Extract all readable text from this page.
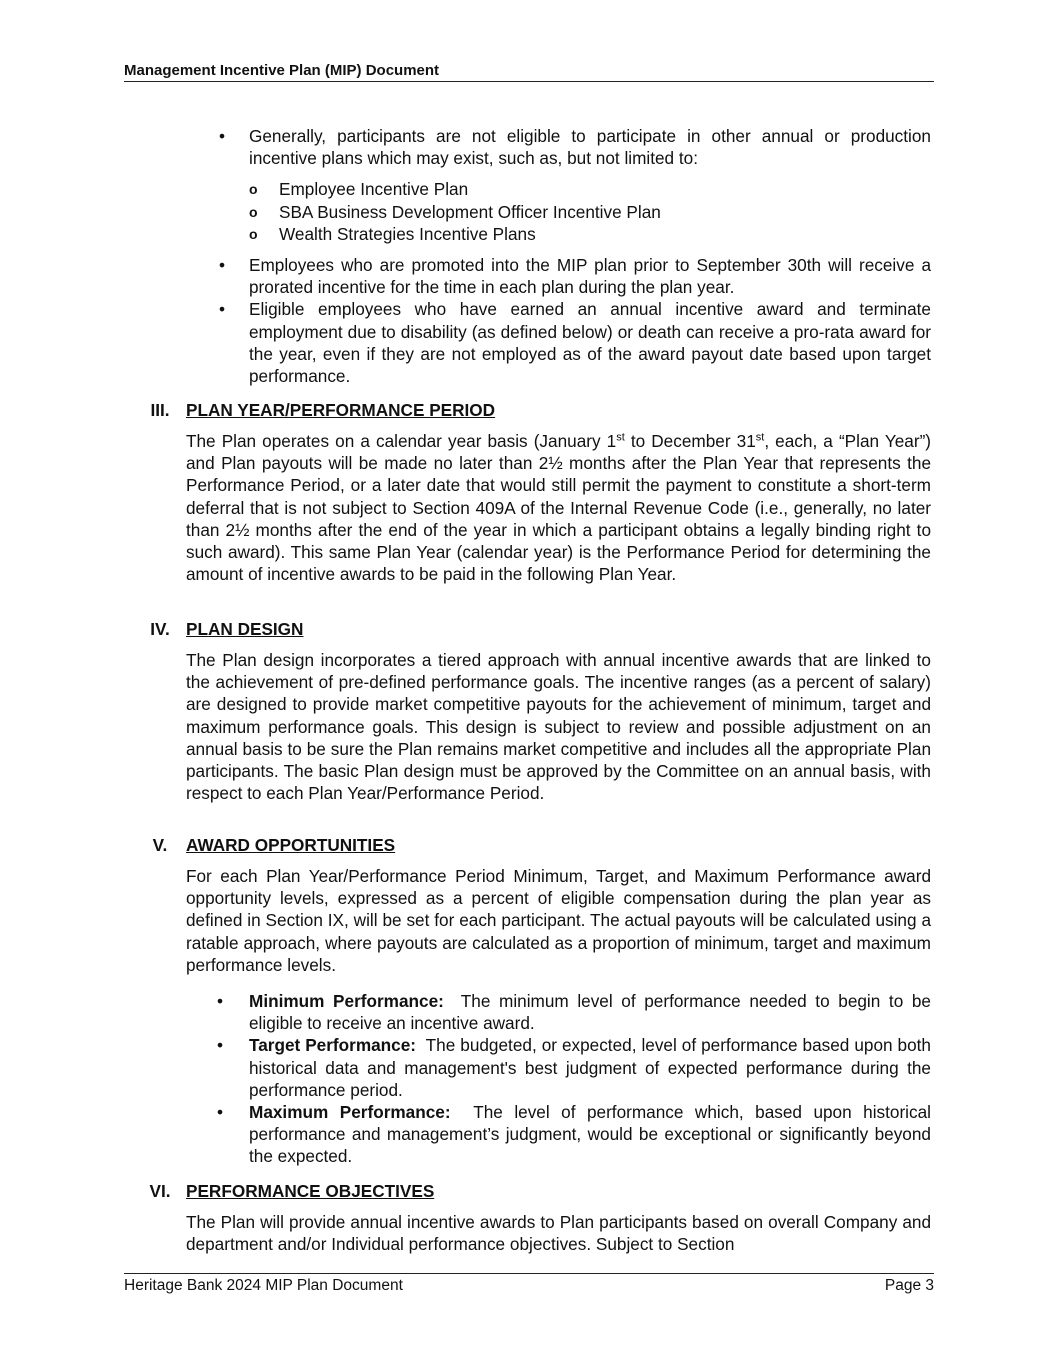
Management Incentive Plan (MIP) Document
• Generally, participants are not eligible to participate in other annual or production incentive plans which may exist, such as, but not limited to:
o Employee Incentive Plan
o SBA Business Development Officer Incentive Plan
o Wealth Strategies Incentive Plans
• Employees who are promoted into the MIP plan prior to September 30th will receive a prorated incentive for the time in each plan during the plan year.
• Eligible employees who have earned an annual incentive award and terminate employment due to disability (as defined below) or death can receive a pro-rata award for the year, even if they are not employed as of the award payout date based upon target performance.
III. PLAN YEAR/PERFORMANCE PERIOD

The Plan operates on a calendar year basis (January 1st to December 31st, each, a “Plan Year”) and Plan payouts will be made no later than 2½ months after the Plan Year that represents the Performance Period, or a later date that would still permit the payment to constitute a short-term deferral that is not subject to Section 409A of the Internal Revenue Code (i.e., generally, no later than 2½ months after the end of the year in which a participant obtains a legally binding right to such award). This same Plan Year (calendar year) is the Performance Period for determining the amount of incentive awards to be paid in the following Plan Year.

IV. PLAN DESIGN

The Plan design incorporates a tiered approach with annual incentive awards that are linked to the achievement of pre-defined performance goals. The incentive ranges (as a percent of salary) are designed to provide market competitive payouts for the achievement of minimum, target and maximum performance goals. This design is subject to review and possible adjustment on an annual basis to be sure the Plan remains market competitive and includes all the appropriate Plan participants. The basic Plan design must be approved by the Committee on an annual basis, with respect to each Plan Year/Performance Period.

V.	AWARD OPPORTUNITIES

For each Plan Year/Performance Period Minimum, Target, and Maximum Performance award opportunity levels, expressed as a percent of eligible compensation during the plan year as defined in Section IX, will be set for each participant. The actual payouts will be calculated using a ratable approach, where payouts are calculated as a proportion of minimum, target and maximum performance levels.

• Minimum Performance: The minimum level of performance needed to begin to be eligible to receive an incentive award.
• Target Performance: The budgeted, or expected, level of performance based upon both historical data and management's best judgment of expected performance during the performance period.
• Maximum Performance: The level of performance which, based upon historical performance and management’s judgment, would be exceptional or significantly beyond the expected.
VI. PERFORMANCE OBJECTIVES

The Plan will provide annual incentive awards to Plan participants based on overall Company and department and/or Individual performance objectives. Subject to Section

Heritage Bank 2024 MIP Plan Document	Page 3
